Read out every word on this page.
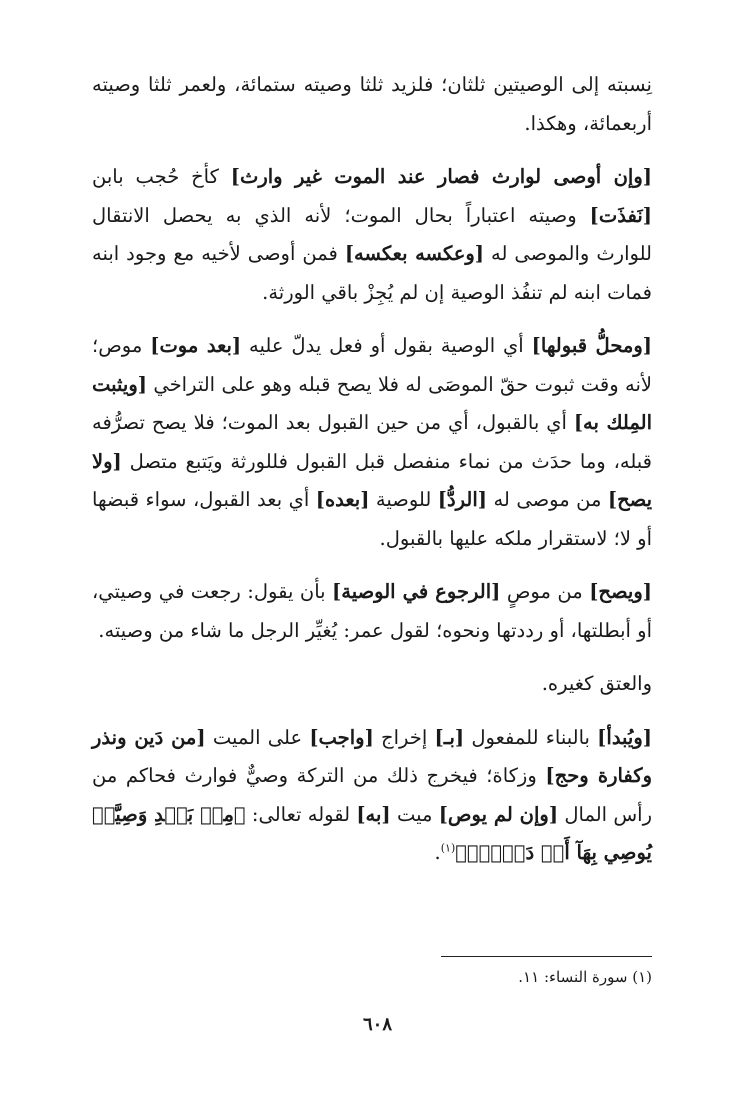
نِسبته إلى الوصيتين ثلثان؛ فلزيد ثلثا وصيته ستمائة، ولعمر ثلثا وصيته أربعمائة، وهكذا.

[وإن أوصى لوارث فصار عند الموت غير وارث] كأخ حُجب بابن [نَفذَت] وصيته اعتباراً بحال الموت؛ لأنه الذي به يحصل الانتقال للوارث والموصى له [وعكسه بعكسه] فمن أوصى لأخيه مع وجود ابنه فمات ابنه لم تنفُذ الوصية إن لم يُجِزْ باقي الورثة.

[ومحلُّ قبولها] أي الوصية بقول أو فعل يدلّ عليه [بعد موت] موص؛ لأنه وقت ثبوت حقّ الموصَى له فلا يصح قبله وهو على التراخي [ويثبت المِلك به] أي بالقبول، أي من حين القبول بعد الموت؛ فلا يصح تصرُّفه قبله، وما حدَث من نماء منفصل قبل القبول فللورثة ويَتبع متصل [ولا يصح] من موصى له [الردُّ] للوصية [بعده] أي بعد القبول، سواء قبضها أو لا؛ لاستقرار ملكه عليها بالقبول.

[ويصح] من موصٍ [الرجوع في الوصية] بأن يقول: رجعت في وصيتي، أو أبطلتها، أو رددتها ونحوه؛ لقول عمر: يُغيِّر الرجل ما شاء من وصيته.

والعتق كغيره.

[ويُبدأ] بالبناء للمفعول [بـ] إخراج [واجب] على الميت [من دَين ونذر وكفارة وحج] وزكاة؛ فيخرج ذلك من التركة وصيٌّ فوارث فحاكم من رأس المال [وإن لم يوص] ميت [به] لقوله تعالى: ﴿مِنۢ بَعۡدِ وَصِيَّةٖ يُوصِي بِهَآ أَوۡ دَيۡنٍۗ﴾$^{(١)}$.

(١) سورة النساء: ١١.
٦٠٨
